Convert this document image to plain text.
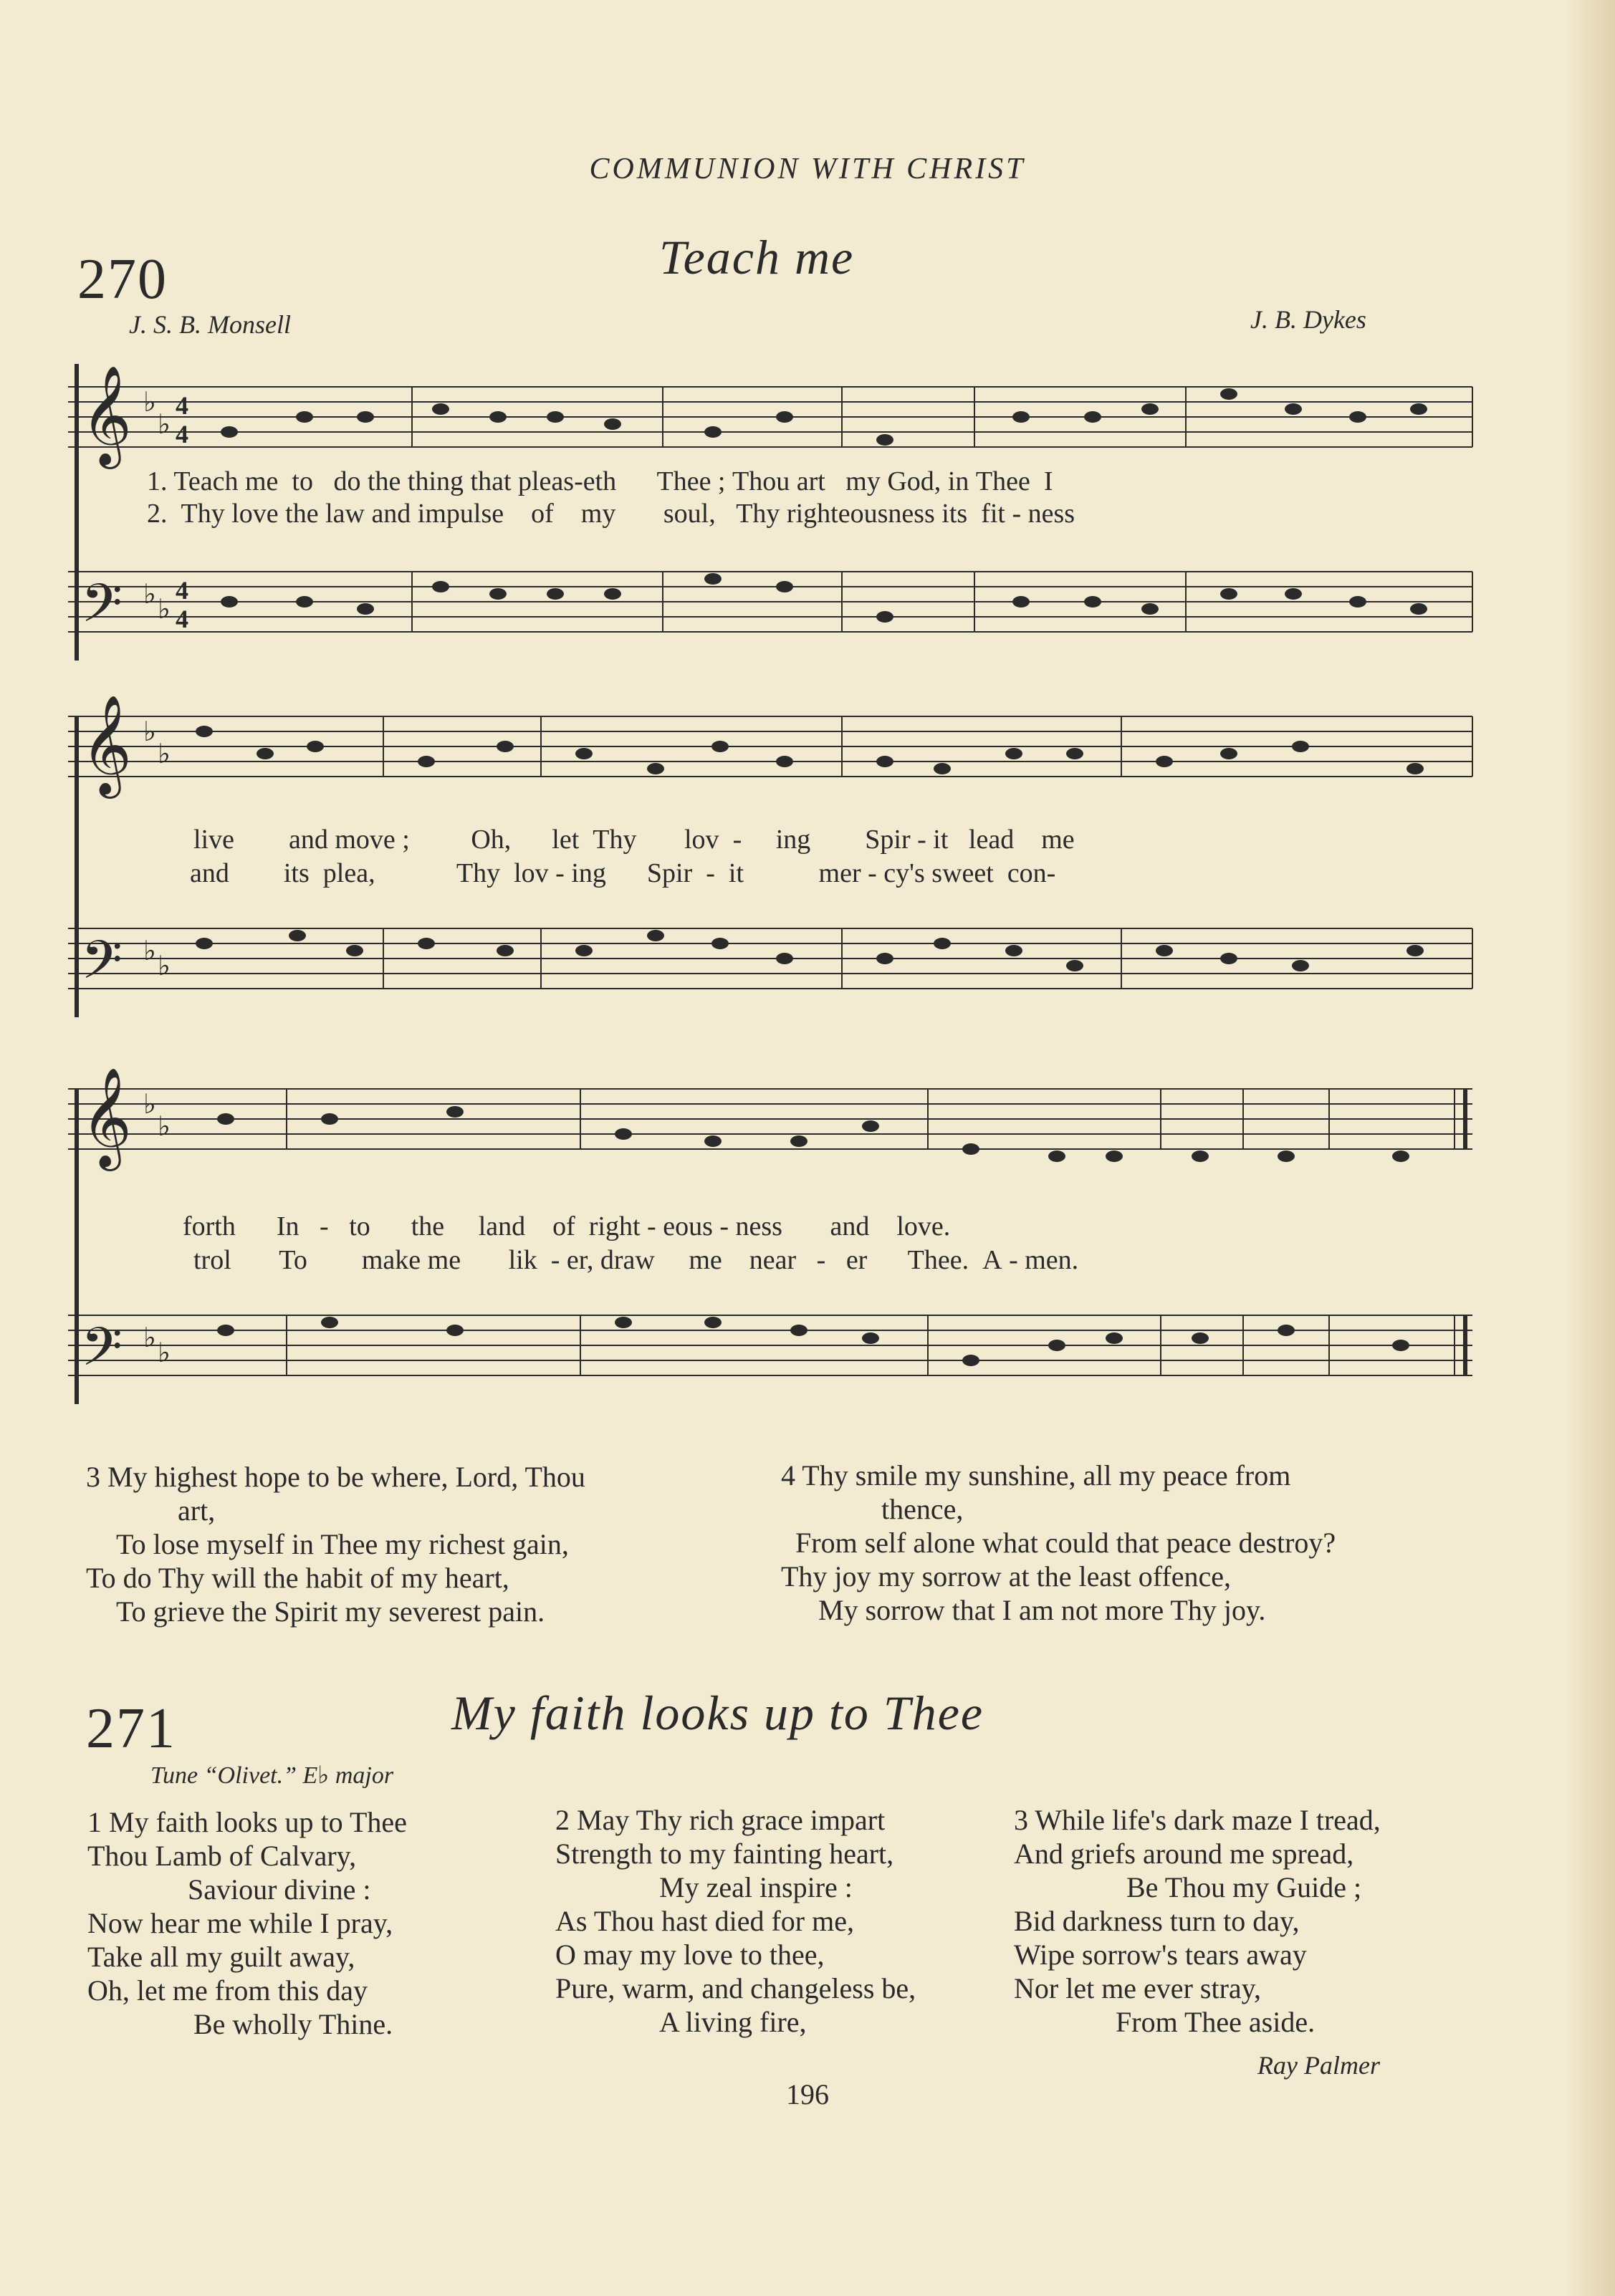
COMMUNION WITH CHRIST
270	Teach me
J. S. B. Monsell	J. B. Dykes
𝄞
𝄢
♭
♭
4
4
♭ ♭
4
4
1. Teach me to do the thing that pleas-eth Thee ; Thou art my God, in Thee I
2. Thy love the law and impulse of my soul, Thy righteousness its fit - ness
𝄞
𝄢
♭
♭
♭ ♭
live and move ; Oh, let Thy lov - ing Spir - it lead me
and its plea,	Thy lov - ing Spir - it	mer - cy's sweet con-
𝄞
𝄢
♭
♭
♭ ♭
forth In - to the land of right - eous - ness and love.
trol To make me lik - er, draw me near - er Thee. A - men.
3 My highest hope to be where, Lord, Thou
art,
To lose myself in Thee my richest gain,
To do Thy will the habit of my heart,
To grieve the Spirit my severest pain.
4 Thy smile my sunshine, all my peace from
thence,
From self alone what could that peace destroy?
Thy joy my sorrow at the least offence,
My sorrow that I am not more Thy joy.
271	My faith looks up to Thee
Tune “Olivet.” E♭ major
1 My faith looks up to Thee
Thou Lamb of Calvary,
Saviour divine :
Now hear me while I pray,
Take all my guilt away,
Oh, let me from this day
Be wholly Thine.
2 May Thy rich grace impart
Strength to my fainting heart,
My zeal inspire :
As Thou hast died for me,
O may my love to thee,
Pure, warm, and changeless be,
A living fire,
3 While life's dark maze I tread,
And griefs around me spread,
Be Thou my Guide ;
Bid darkness turn to day,
Wipe sorrow's tears away
Nor let me ever stray,
From Thee aside.
Ray Palmer
196
